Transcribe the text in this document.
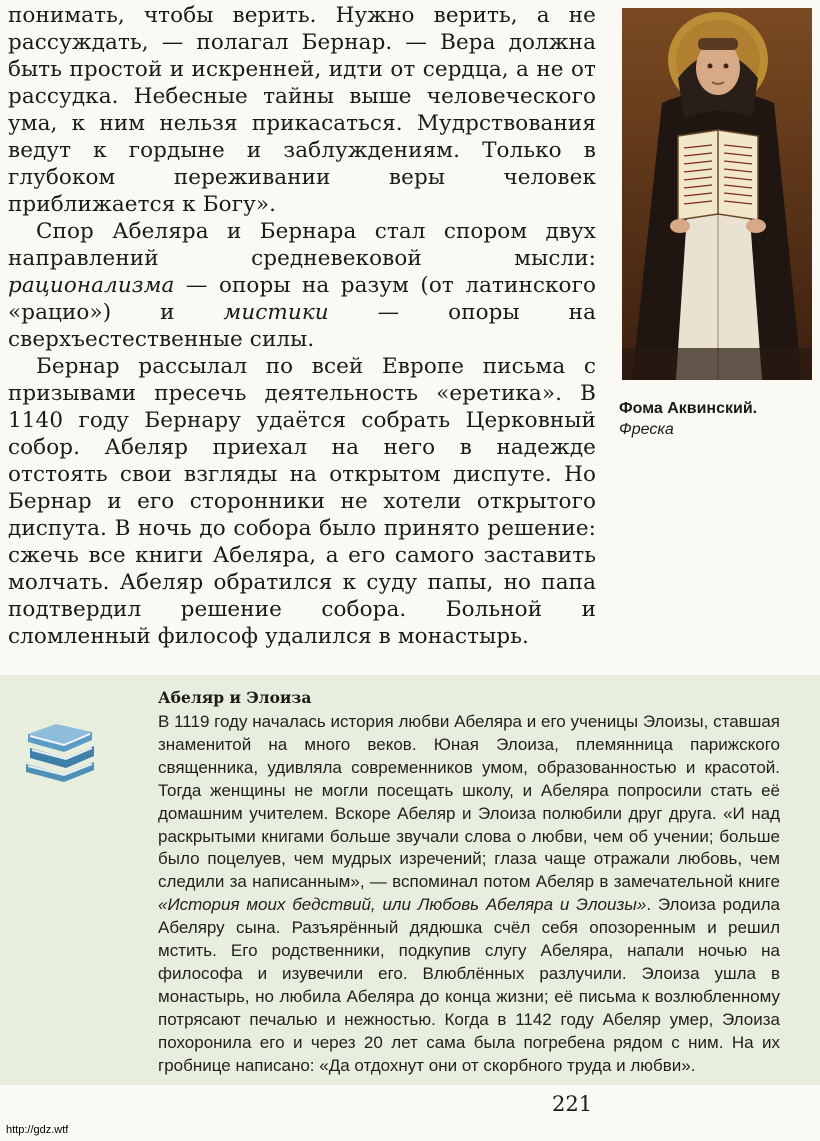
понимать, чтобы верить. Нужно верить, а не рассуждать, — полагал Бернар. — Вера должна быть простой и искренней, идти от сердца, а не от рассудка. Небесные тайны выше человеческого ума, к ним нельзя прикасаться. Мудрствования ведут к гордыне и заблуждениям. Только в глубоком переживании веры человек приближается к Богу».

Спор Абеляра и Бернара стал спором двух направлений средневековой мысли: рационализма — опоры на разум (от латинского «рацио») и мистики — опоры на сверхъестественные силы.

Бернар рассылал по всей Европе письма с призывами пресечь деятельность «еретика». В 1140 году Бернару удаётся собрать Церковный собор. Абеляр приехал на него в надежде отстоять свои взгляды на открытом диспуте. Но Бернар и его сторонники не хотели открытого диспута. В ночь до собора было принято решение: сжечь все книги Абеляра, а его самого заставить молчать. Абеляр обратился к суду папы, но папа подтвердил решение собора. Больной и сломленный философ удалился в монастырь.

Фома Аквинский.
Фреска
Абеляр и Элоиза

В 1119 году началась история любви Абеляра и его ученицы Элоизы, ставшая знаменитой на много веков. Юная Элоиза, племянница парижского священника, удивляла современников умом, образованностью и красотой. Тогда женщины не могли посещать школу, и Абеляра попросили стать её домашним учителем. Вскоре Абеляр и Элоиза полюбили друг друга. «И над раскрытыми книгами больше звучали слова о любви, чем об учении; больше было поцелуев, чем мудрых изречений; глаза чаще отражали любовь, чем следили за написанным», — вспоминал потом Абеляр в замечательной книге «История моих бедствий, или Любовь Абеляра и Элоизы». Элоиза родила Абеляру сына. Разъярённый дядюшка счёл себя опозоренным и решил мстить. Его родственники, подкупив слугу Абеляра, напали ночью на философа и изувечили его. Влюблённых разлучили. Элоиза ушла в монастырь, но любила Абеляра до конца жизни; её письма к возлюбленному потрясают печалью и нежностью. Когда в 1142 году Абеляр умер, Элоиза похоронила его и через 20 лет сама была погребена рядом с ним. На их гробнице написано: «Да отдохнут они от скорбного труда и любви».

221
http://gdz.wtf
